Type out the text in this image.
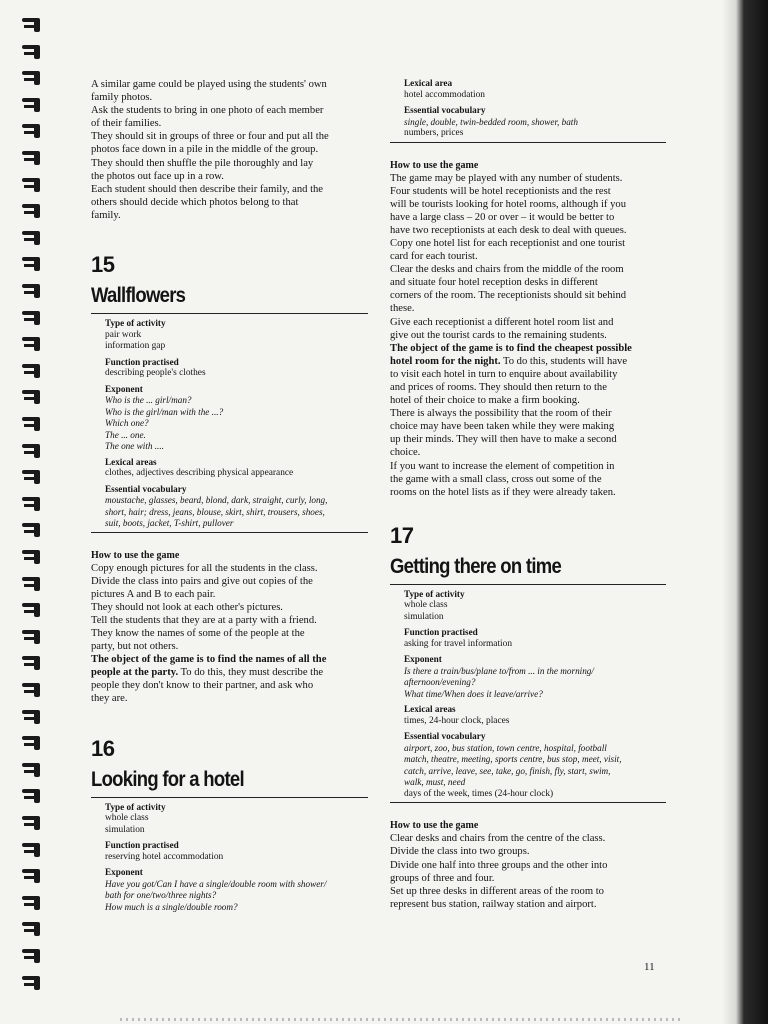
A similar game could be played using the students' own

family photos.

Ask the students to bring in one photo of each member

of their families.

They should sit in groups of three or four and put all the

photos face down in a pile in the middle of the group.

They should then shuffle the pile thoroughly and lay

the photos out face up in a row.

Each student should then describe their family, and the

others should decide which photos belong to that

family.

15

Wallflowers

Type of activity

pair work

information gap

Function practised

describing people's clothes

Exponent

Who is the ... girl/man?

Who is the girl/man with the ...?

Which one?

The ... one.

The one with ....

Lexical areas

clothes, adjectives describing physical appearance

Essential vocabulary

moustache, glasses, beard, blond, dark, straight, curly, long,

short, hair; dress, jeans, blouse, skirt, shirt, trousers, shoes,

suit, boots, jacket, T-shirt, pullover

How to use the game

Copy enough pictures for all the students in the class.

Divide the class into pairs and give out copies of the

pictures A and B to each pair.

They should not look at each other's pictures.

Tell the students that they are at a party with a friend.

They know the names of some of the people at the

party, but not others.

The object of the game is to find the names of all the

people at the party. To do this, they must describe the

people they don't know to their partner, and ask who

they are.

16

Looking for a hotel

Type of activity

whole class

simulation

Function practised

reserving hotel accommodation

Exponent

Have you got/Can I have a single/double room with shower/

bath for one/two/three nights?

How much is a single/double room?

Lexical area

hotel accommodation

Essential vocabulary

single, double, twin-bedded room, shower, bath

numbers, prices

How to use the game

The game may be played with any number of students.

Four students will be hotel receptionists and the rest

will be tourists looking for hotel rooms, although if you

have a large class – 20 or over – it would be better to

have two receptionists at each desk to deal with queues.

Copy one hotel list for each receptionist and one tourist

card for each tourist.

Clear the desks and chairs from the middle of the room

and situate four hotel reception desks in different

corners of the room. The receptionists should sit behind

these.

Give each receptionist a different hotel room list and

give out the tourist cards to the remaining students.

The object of the game is to find the cheapest possible

hotel room for the night. To do this, students will have

to visit each hotel in turn to enquire about availability

and prices of rooms. They should then return to the

hotel of their choice to make a firm booking.

There is always the possibility that the room of their

choice may have been taken while they were making

up their minds. They will then have to make a second

choice.

If you want to increase the element of competition in

the game with a small class, cross out some of the

rooms on the hotel lists as if they were already taken.

17

Getting there on time

Type of activity

whole class

simulation

Function practised

asking for travel information

Exponent

Is there a train/bus/plane to/from ... in the morning/

afternoon/evening?

What time/When does it leave/arrive?

Lexical areas

times, 24-hour clock, places

Essential vocabulary

airport, zoo, bus station, town centre, hospital, football

match, theatre, meeting, sports centre, bus stop, meet, visit,

catch, arrive, leave, see, take, go, finish, fly, start, swim,

walk, must, need

days of the week, times (24-hour clock)

How to use the game

Clear desks and chairs from the centre of the class.

Divide the class into two groups.

Divide one half into three groups and the other into

groups of three and four.

Set up three desks in different areas of the room to

represent bus station, railway station and airport.

11
